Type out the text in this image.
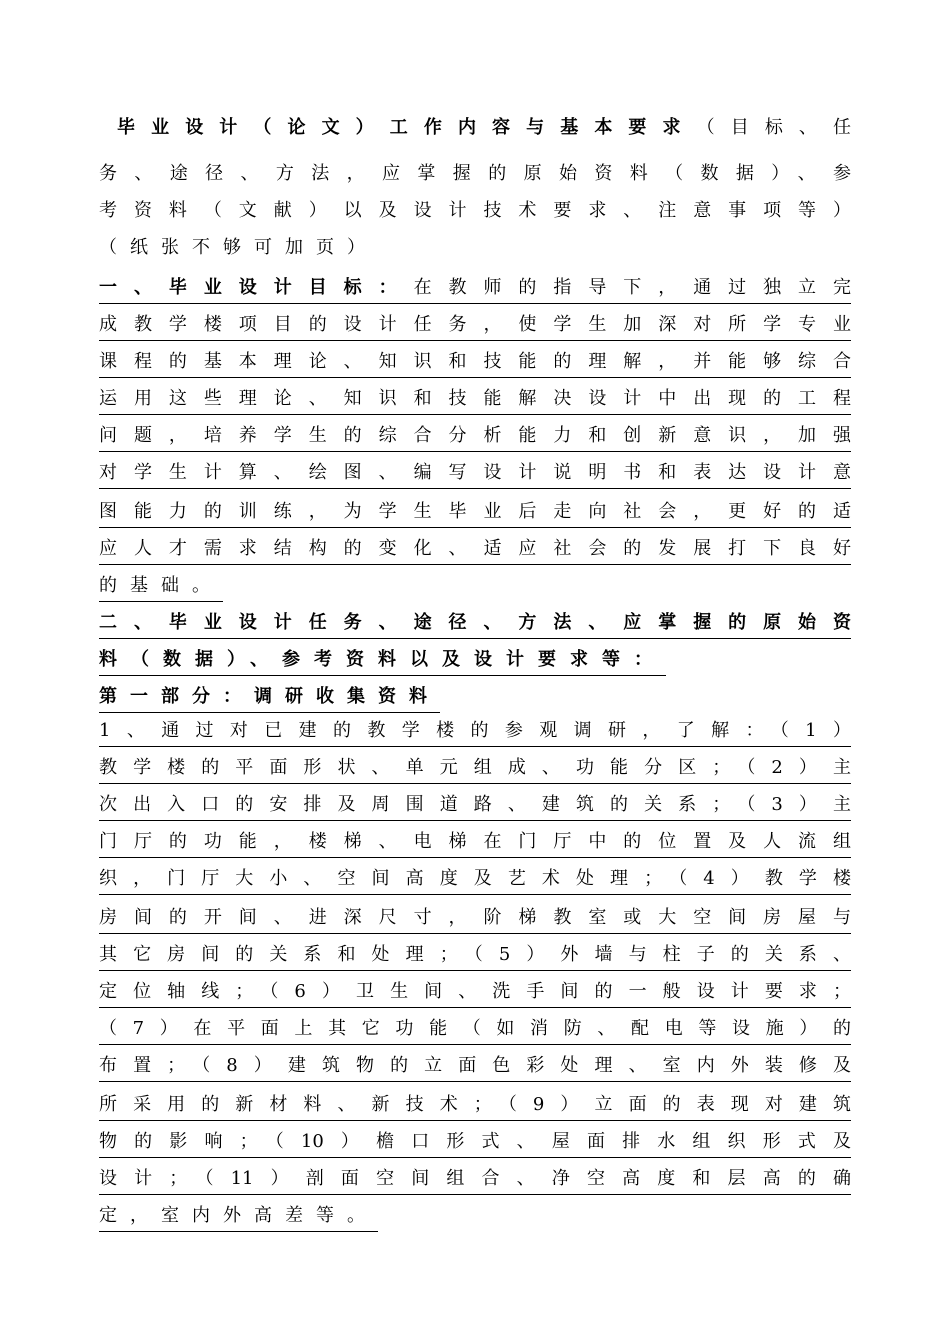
毕业设计（论文）工作内容与基本要求（目标、任
务、途径、方法，应掌握的原始资料（数据）、参
考资料（文献）以及设计技术要求、注意事项等）
（纸张不够可加页）
一、毕业设计目标：在教师的指导下，通过独立完
成教学楼项目的设计任务，使学生加深对所学专业
课程的基本理论、知识和技能的理解，并能够综合
运用这些理论、知识和技能解决设计中出现的工程
问题，培养学生的综合分析能力和创新意识，加强
对学生计算、绘图、编写设计说明书和表达设计意
图能力的训练，为学生毕业后走向社会，更好的适
应人才需求结构的变化、适应社会的发展打下良好
的基础。
二、毕业设计任务、途径、方法、应掌握的原始资
料（数据）、参考资料以及设计要求等：
第一部分：调研收集资料
1、通过对已建的教学楼的参观调研，了解：（1）
教学楼的平面形状、单元组成、功能分区；（2）主
次出入口的安排及周围道路、建筑的关系；（3）主
门厅的功能，楼梯、电梯在门厅中的位置及人流组
织，门厅大小、空间高度及艺术处理；（4）教学楼
房间的开间、进深尺寸，阶梯教室或大空间房屋与
其它房间的关系和处理；（5）外墙与柱子的关系、
定位轴线；（6）卫生间、洗手间的一般设计要求；
（7）在平面上其它功能（如消防、配电等设施）的
布置；（8）建筑物的立面色彩处理、室内外装修及
所采用的新材料、新技术；（9）立面的表现对建筑
物的影响；（10）檐口形式、屋面排水组织形式及
设计；（11）剖面空间组合、净空高度和层高的确
定，室内外高差等。
